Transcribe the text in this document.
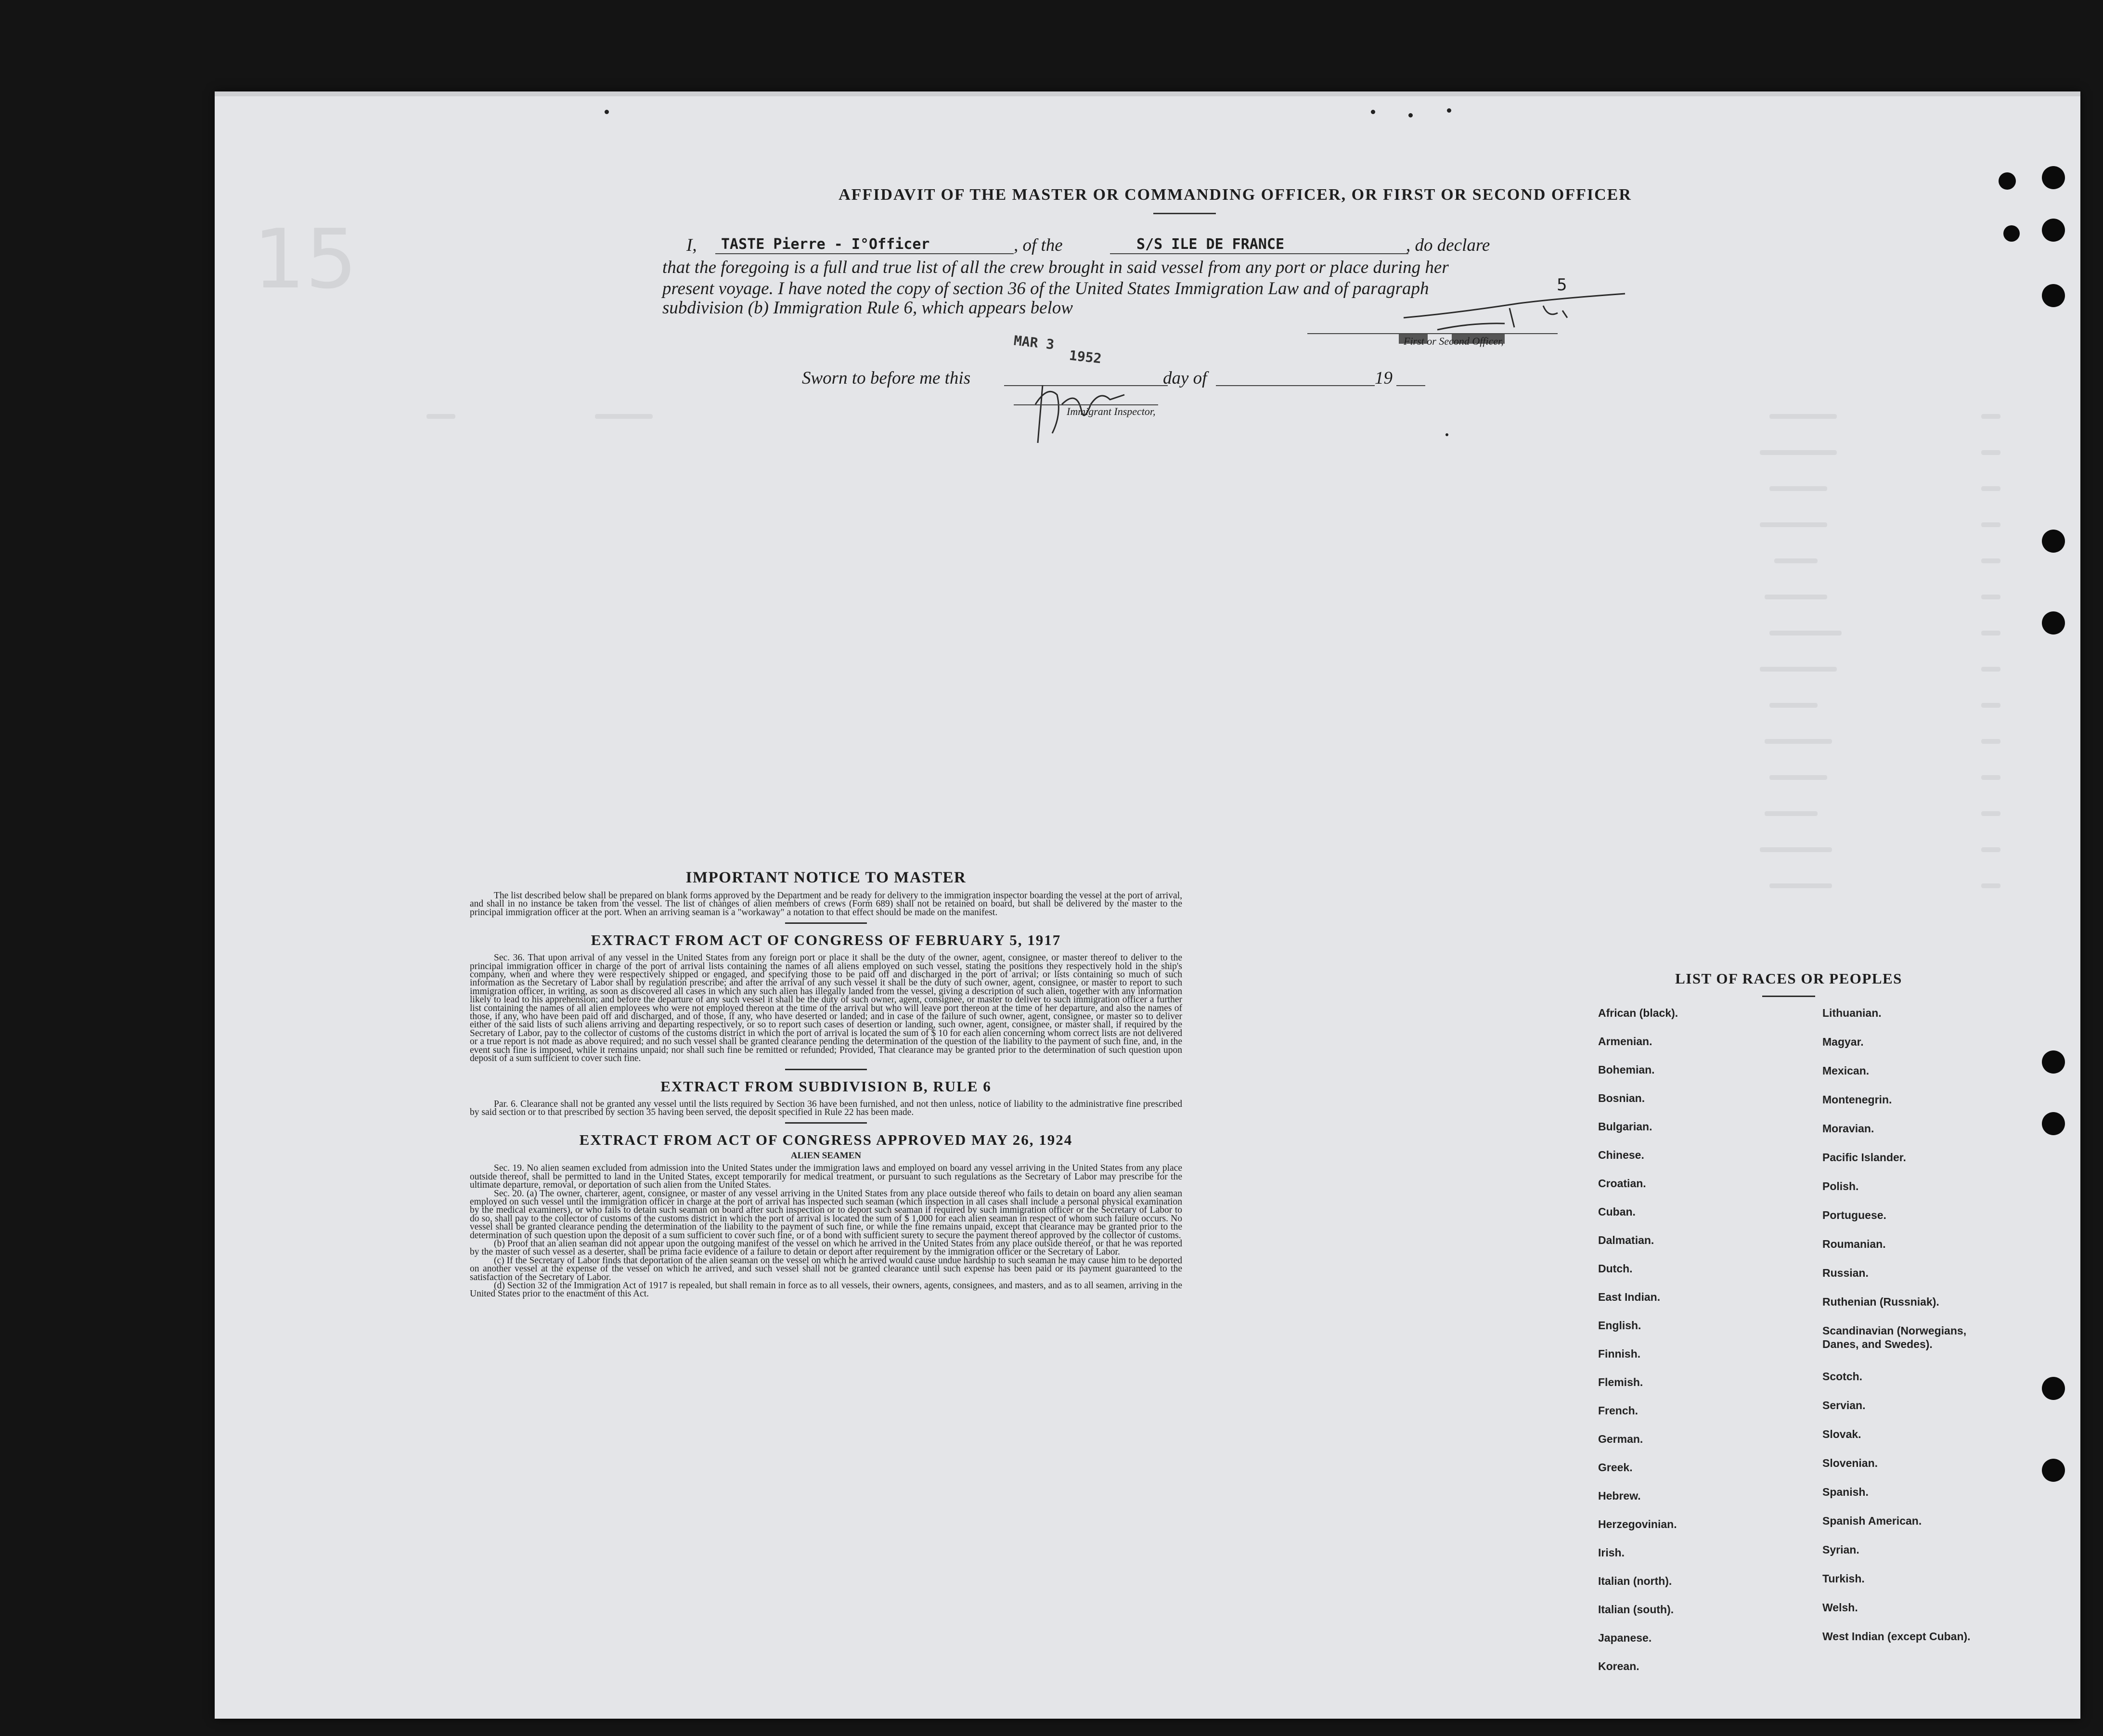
15
AFFIDAVIT OF THE MASTER OR COMMANDING OFFICER, OR FIRST OR SECOND OFFICER
I, TASTE Pierre - I°Officer	, of the	S/S ILE DE FRANCE	, do declare
that the foregoing is a full and true list of all the crew brought in said vessel from any port or place during her
present voyage. I have noted the copy of section 36 of the United States Immigration Law and of paragraph	5
subdivision (b) Immigration Rule 6, which appears below
First or Second Officer,
MAR 3
1952
Sworn to before me this	day of	19
Immigrant Inspector,

IMPORTANT NOTICE TO MASTER

The list described below shall be prepared on blank forms approved by the Department and be ready for delivery to the immigration inspector boarding the vessel at the port of arrival, and shall in no instance be taken from the vessel. The list of changes of alien members of crews (Form 689) shall not be retained on board, but shall be delivered by the master to the principal immigration officer at the port. When an arriving seaman is a "workaway" a notation to that effect should be made on the manifest.

EXTRACT FROM ACT OF CONGRESS OF FEBRUARY 5, 1917

Sec. 36. That upon arrival of any vessel in the United States from any foreign port or place it shall be the duty of the owner, agent, consignee, or master thereof to deliver to the principal immigration officer in charge of the port of arrival lists containing the names of all aliens employed on such vessel, stating the positions they respectively hold in the ship's company, when and where they were respectively shipped or engaged, and specifying those to be paid off and discharged in the port of arrival; or lists containing so much of such information as the Secretary of Labor shall by regulation prescribe; and after the arrival of any such vessel it shall be the duty of such owner, agent, consignee, or master to report to such immigration officer, in writing, as soon as discovered all cases in which any such alien has illegally landed from the vessel, giving a description of such alien, together with any information likely to lead to his apprehension; and before the departure of any such vessel it shall be the duty of such owner, agent, consignee, or master to deliver to such immigration officer a further list containing the names of all alien employees who were not employed thereon at the time of the arrival but who will leave port thereon at the time of her departure, and also the names of those, if any, who have been paid off and discharged, and of those, if any, who have deserted or landed; and in case of the failure of such owner, agent, consignee, or master so to deliver either of the said lists of such aliens arriving and departing respectively, or so to report such cases of desertion or landing, such owner, agent, consignee, or master shall, if required by the Secretary of Labor, pay to the collector of customs of the customs district in which the port of arrival is located the sum of $ 10 for each alien concerning whom correct lists are not delivered or a true report is not made as above required; and no such vessel shall be granted clearance pending the determination of the question of the liability to the payment of such fine, and, in the event such fine is imposed, while it remains unpaid; nor shall such fine be remitted or refunded; Provided, That clearance may be granted prior to the determination of such question upon deposit of a sum sufficient to cover such fine.

EXTRACT FROM SUBDIVISION B, RULE 6

Par. 6. Clearance shall not be granted any vessel until the lists required by Section 36 have been furnished, and not then unless, notice of liability to the administrative fine prescribed by said section or to that prescribed by section 35 having been served, the deposit specified in Rule 22 has been made.

EXTRACT FROM ACT OF CONGRESS APPROVED MAY 26, 1924

ALIEN SEAMEN

Sec. 19. No alien seamen excluded from admission into the United States under the immigration laws and employed on board any vessel arriving in the United States from any place outside thereof, shall be permitted to land in the United States, except temporarily for medical treatment, or pursuant to such regulations as the Secretary of Labor may prescribe for the ultimate departure, removal, or deportation of such alien from the United States.

Sec. 20. (a) The owner, charterer, agent, consignee, or master of any vessel arriving in the United States from any place outside thereof who fails to detain on board any alien seaman employed on such vessel until the immigration officer in charge at the port of arrival has inspected such seaman (which inspection in all cases shall include a personal physical examination by the medical examiners), or who fails to detain such seaman on board after such inspection or to deport such seaman if required by such immigration officer or the Secretary of Labor to do so, shall pay to the collector of customs of the customs district in which the port of arrival is located the sum of $ 1,000 for each alien seaman in respect of whom such failure occurs. No vessel shall be granted clearance pending the determination of the liability to the payment of such fine, or while the fine remains unpaid, except that clearance may be granted prior to the determination of such question upon the deposit of a sum sufficient to cover such fine, or of a bond with sufficient surety to secure the payment thereof approved by the collector of customs.

(b) Proof that an alien seaman did not appear upon the outgoing manifest of the vessel on which he arrived in the United States from any place outside thereof, or that he was reported by the master of such vessel as a deserter, shall be prima facie evidence of a failure to detain or deport after requirement by the immigration officer or the Secretary of Labor.

(c) If the Secretary of Labor finds that deportation of the alien seaman on the vessel on which he arrived would cause undue hardship to such seaman he may cause him to be deported on another vessel at the expense of the vessel on which he arrived, and such vessel shall not be granted clearance until such expense has been paid or its payment guaranteed to the satisfaction of the Secretary of Labor.

(d) Section 32 of the Immigration Act of 1917 is repealed, but shall remain in force as to all vessels, their owners, agents, consignees, and masters, and as to all seamen, arriving in the United States prior to the enactment of this Act.

LIST OF RACES OR PEOPLES
African (black).
Armenian.
Bohemian.
Bosnian.
Bulgarian.
Chinese.
Croatian.
Cuban.
Dalmatian.
Dutch.
East Indian.
English.
Finnish.
Flemish.
French.
German.
Greek.
Hebrew.
Herzegovinian.
Irish.
Italian (north).
Italian (south).
Japanese.
Korean.
Lithuanian.
Magyar.
Mexican.
Montenegrin.
Moravian.
Pacific Islander.
Polish.
Portuguese.
Roumanian.
Russian.
Ruthenian (Russniak).
Scandinavian (Norwegians, Danes, and Swedes).
Scotch.
Servian.
Slovak.
Slovenian.
Spanish.
Spanish American.
Syrian.
Turkish.
Welsh.
West Indian (except Cuban).
